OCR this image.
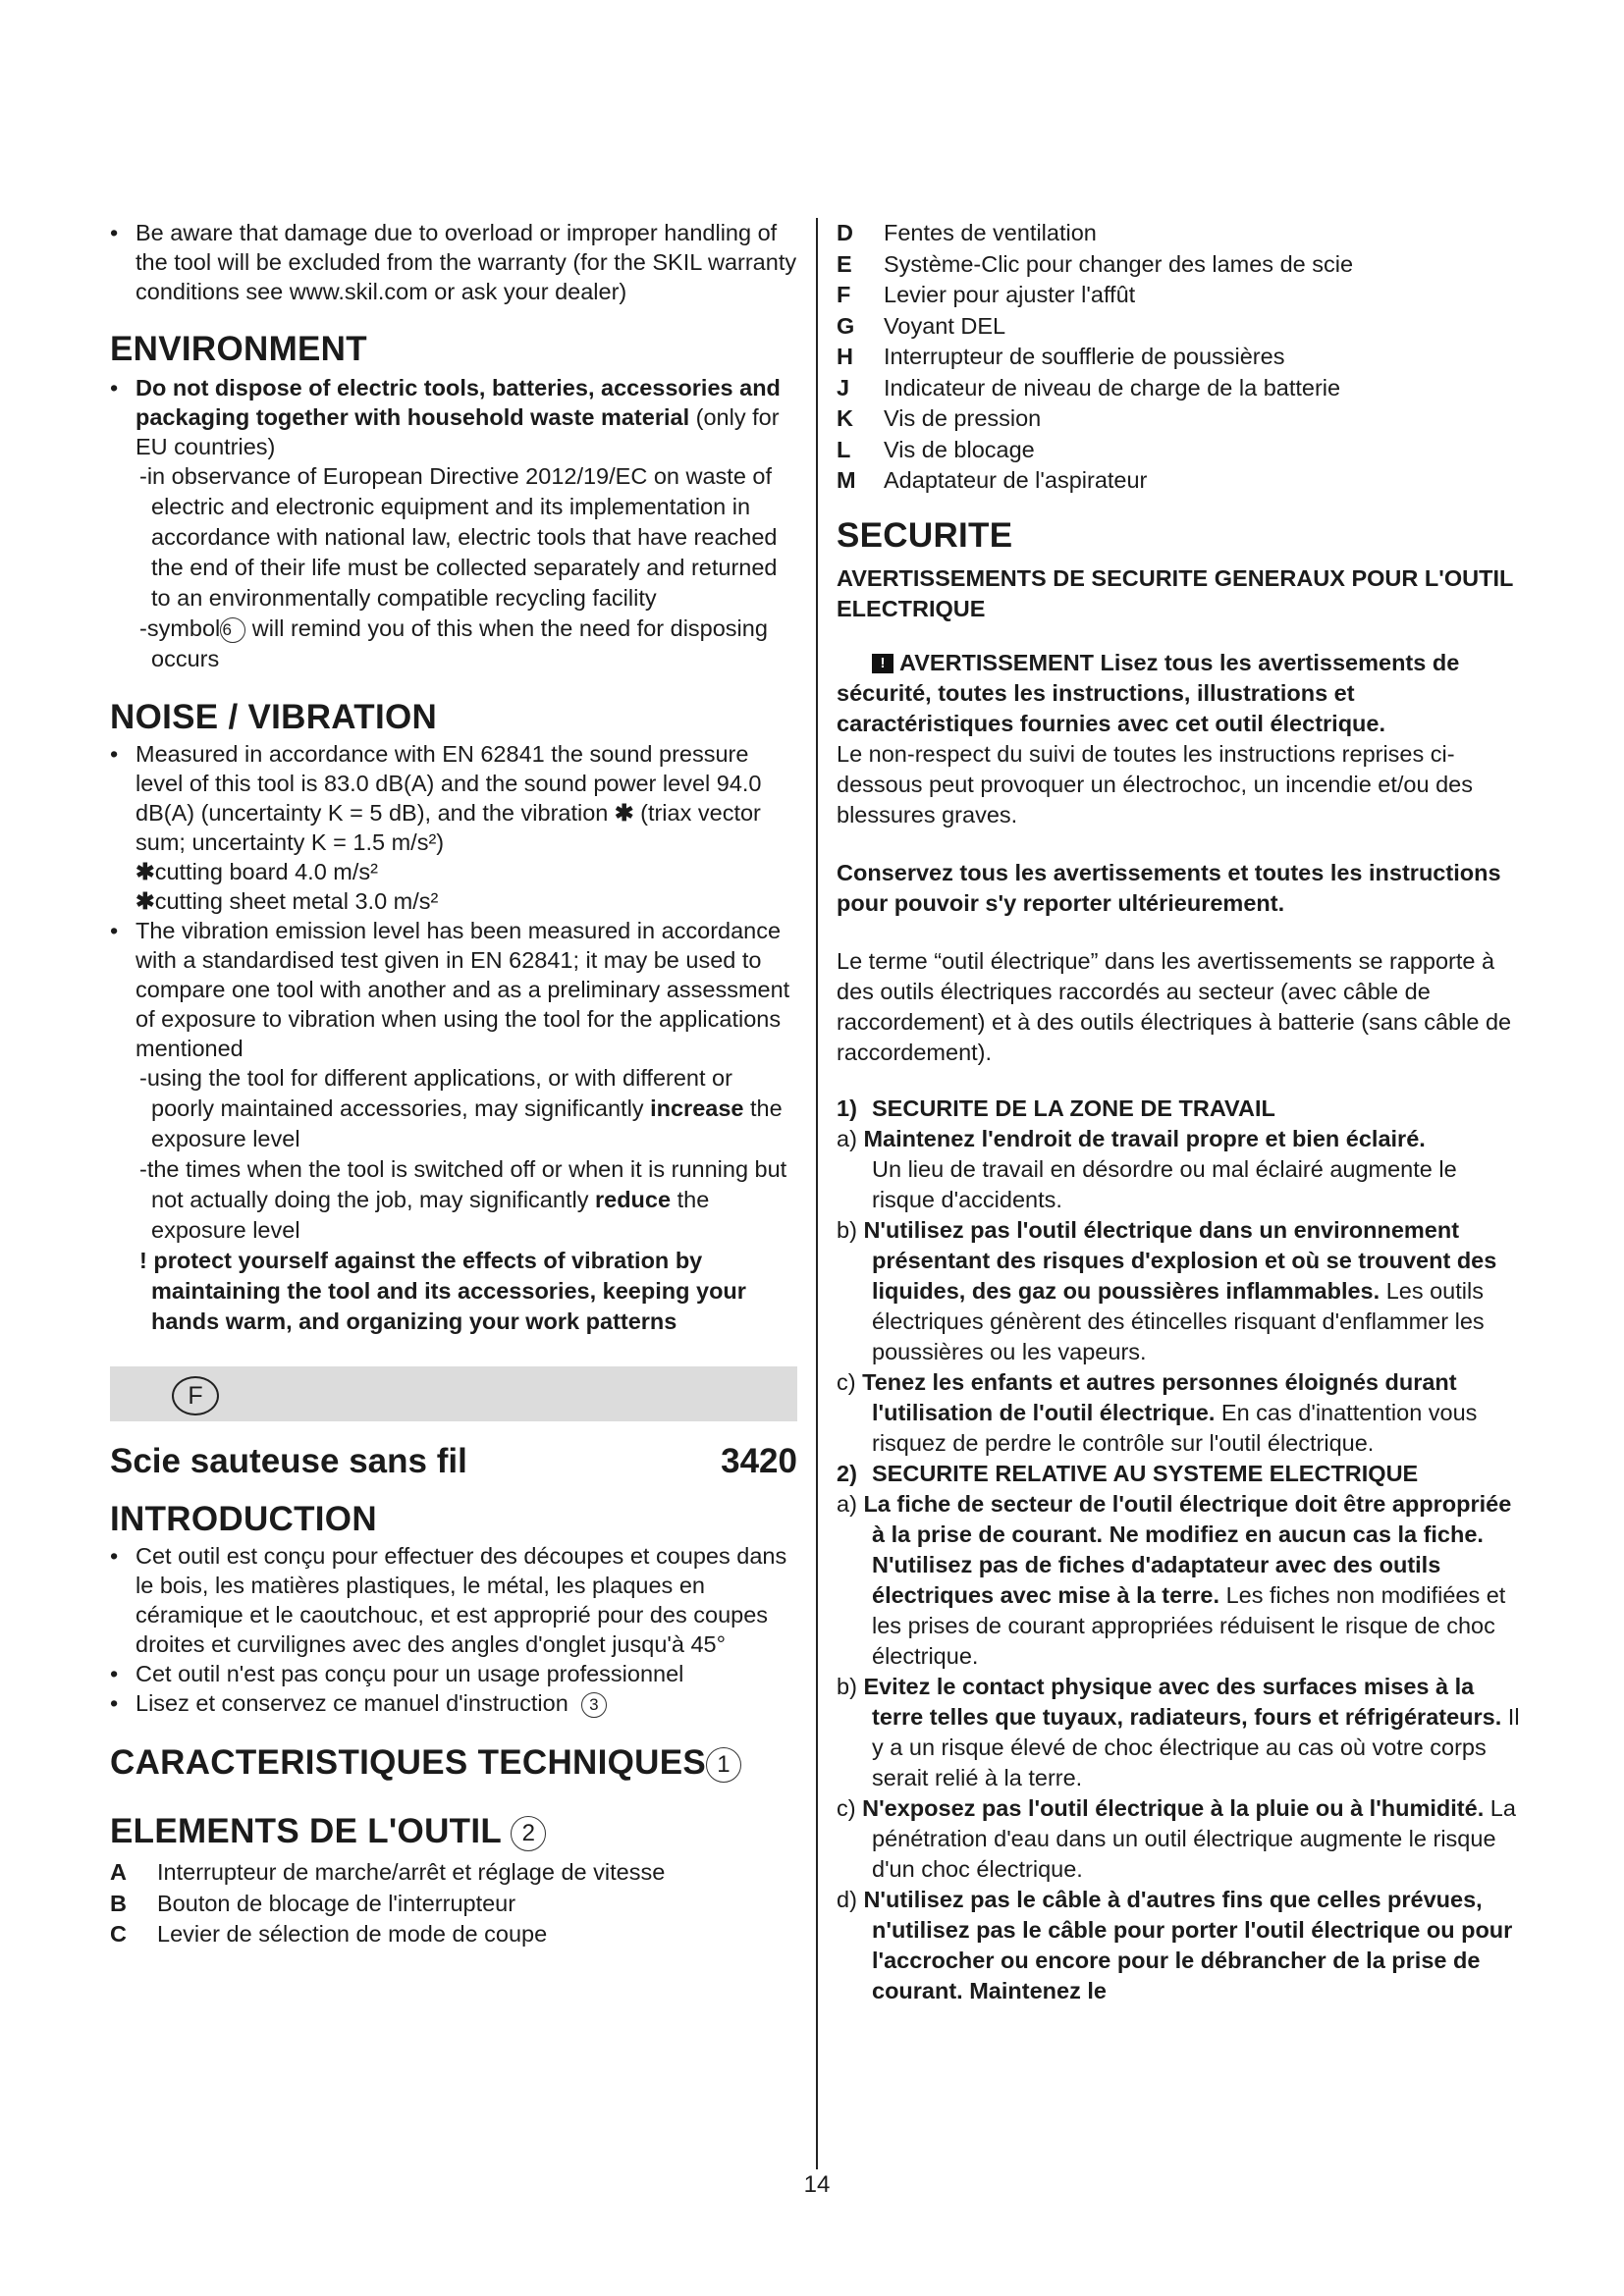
• Be aware that damage due to overload or improper handling of the tool will be excluded from the warranty (for the SKIL warranty conditions see www.skil.com or ask your dealer)
ENVIRONMENT
• Do not dispose of electric tools, batteries, accessories and packaging together with household waste material (only for EU countries)
-in observance of European Directive 2012/19/EC on waste of electric and electronic equipment and its implementation in accordance with national law, electric tools that have reached the end of their life must be collected separately and returned to an environmentally compatible recycling facility
-symbol 6 will remind you of this when the need for disposing occurs
NOISE / VIBRATION
• Measured in accordance with EN 62841 the sound pressure level of this tool is 83.0 dB(A) and the sound power level 94.0 dB(A) (uncertainty K = 5 dB), and the vibration ✱ (triax vector sum; uncertainty K = 1.5 m/s²)
✱cutting board 4.0 m/s²
✱cutting sheet metal 3.0 m/s²
• The vibration emission level has been measured in accordance with a standardised test given in EN 62841; it may be used to compare one tool with another and as a preliminary assessment of exposure to vibration when using the tool for the applications mentioned
-using the tool for different applications, or with different or poorly maintained accessories, may significantly increase the exposure level
-the times when the tool is switched off or when it is running but not actually doing the job, may significantly reduce the exposure level
! protect yourself against the effects of vibration by maintaining the tool and its accessories, keeping your hands warm, and organizing your work patterns
F
Scie sauteuse sans fil	3420
INTRODUCTION
• Cet outil est conçu pour effectuer des découpes et coupes dans le bois, les matières plastiques, le métal, les plaques en céramique et le caoutchouc, et est approprié pour des coupes droites et curvilignes avec des angles d'onglet jusqu'à 45°
• Cet outil n'est pas conçu pour un usage professionnel
• Lisez et conservez ce manuel d'instruction 3
CARACTERISTIQUES TECHNIQUES 1
ELEMENTS DE L'OUTIL 2
A	Interrupteur de marche/arrêt et réglage de vitesse
B	Bouton de blocage de l'interrupteur
C	Levier de sélection de mode de coupe
D	Fentes de ventilation
E	Système-Clic pour changer des lames de scie
F	Levier pour ajuster l'affût
G	Voyant DEL
H	Interrupteur de soufflerie de poussières
J	Indicateur de niveau de charge de la batterie
K	Vis de pression
L	Vis de blocage
M	Adaptateur de l'aspirateur
SECURITE
AVERTISSEMENTS DE SECURITE GENERAUX POUR L'OUTIL ELECTRIQUE
! AVERTISSEMENT Lisez tous les avertissements de sécurité, toutes les instructions, illustrations et caractéristiques fournies avec cet outil électrique.
Le non-respect du suivi de toutes les instructions reprises ci-dessous peut provoquer un électrochoc, un incendie et/ou des blessures graves.
Conservez tous les avertissements et toutes les instructions pour pouvoir s'y reporter ultérieurement.
Le terme “outil électrique” dans les avertissements se rapporte à des outils électriques raccordés au secteur (avec câble de raccordement) et à des outils électriques à batterie (sans câble de raccordement).
1) SECURITE DE LA ZONE DE TRAVAIL
a) Maintenez l'endroit de travail propre et bien éclairé.
Un lieu de travail en désordre ou mal éclairé augmente le risque d'accidents.
b) N'utilisez pas l'outil électrique dans un environnement présentant des risques d'explosion et où se trouvent des liquides, des gaz ou poussières inflammables. Les outils électriques génèrent des étincelles risquant d'enflammer les poussières ou les vapeurs.
c) Tenez les enfants et autres personnes éloignés durant l'utilisation de l'outil électrique. En cas d'inattention vous risquez de perdre le contrôle sur l'outil électrique.
2) SECURITE RELATIVE AU SYSTEME ELECTRIQUE
a) La fiche de secteur de l'outil électrique doit être appropriée à la prise de courant. Ne modifiez en aucun cas la fiche. N'utilisez pas de fiches d'adaptateur avec des outils électriques avec mise à la terre. Les fiches non modifiées et les prises de courant appropriées réduisent le risque de choc électrique.
b) Evitez le contact physique avec des surfaces mises à la terre telles que tuyaux, radiateurs, fours et réfrigérateurs. Il y a un risque élevé de choc électrique au cas où votre corps serait relié à la terre.
c) N'exposez pas l'outil électrique à la pluie ou à l'humidité. La pénétration d'eau dans un outil électrique augmente le risque d'un choc électrique.
d) N'utilisez pas le câble à d'autres fins que celles prévues, n'utilisez pas le câble pour porter l'outil électrique ou pour l'accrocher ou encore pour le débrancher de la prise de courant. Maintenez le
14
